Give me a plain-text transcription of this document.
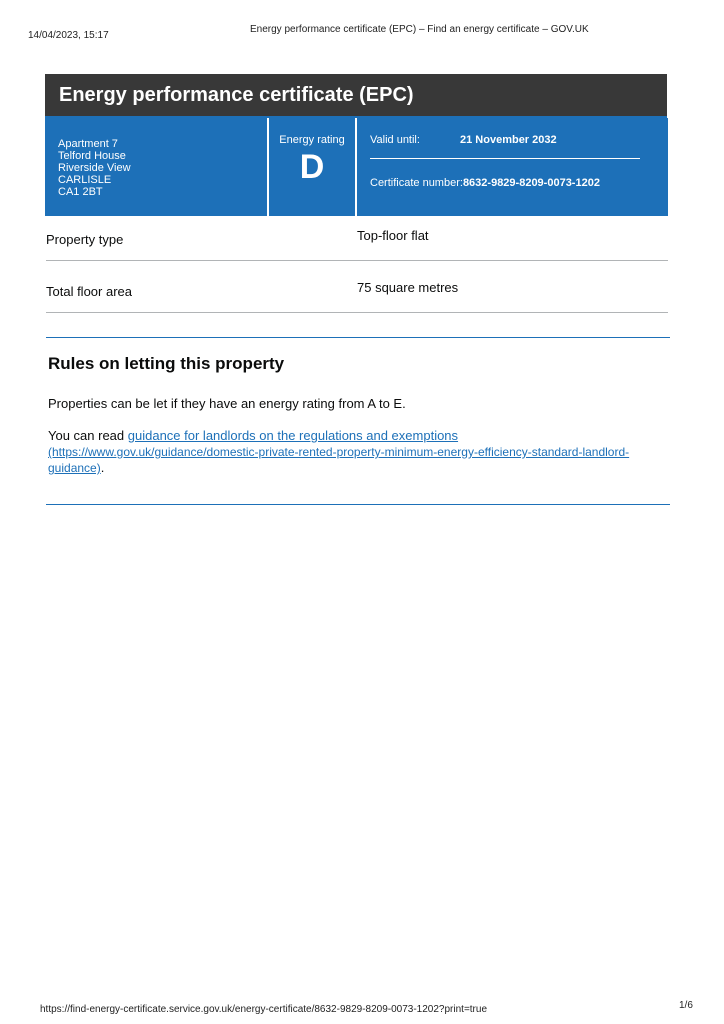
14/04/2023, 15:17
Energy performance certificate (EPC) – Find an energy certificate – GOV.UK
Energy performance certificate (EPC)
Apartment 7
Telford House
Riverside View
CARLISLE
CA1 2BT
Energy rating
D
Valid until:	21 November 2032
Certificate number: 8632-9829-8209-0073-1202
Property type	Top-floor flat
Total floor area	75 square metres
Rules on letting this property
Properties can be let if they have an energy rating from A to E.
You can read guidance for landlords on the regulations and exemptions
(https://www.gov.uk/guidance/domestic-private-rented-property-minimum-energy-efficiency-standard-landlord-guidance).
https://find-energy-certificate.service.gov.uk/energy-certificate/8632-9829-8209-0073-1202?print=true	1/6
